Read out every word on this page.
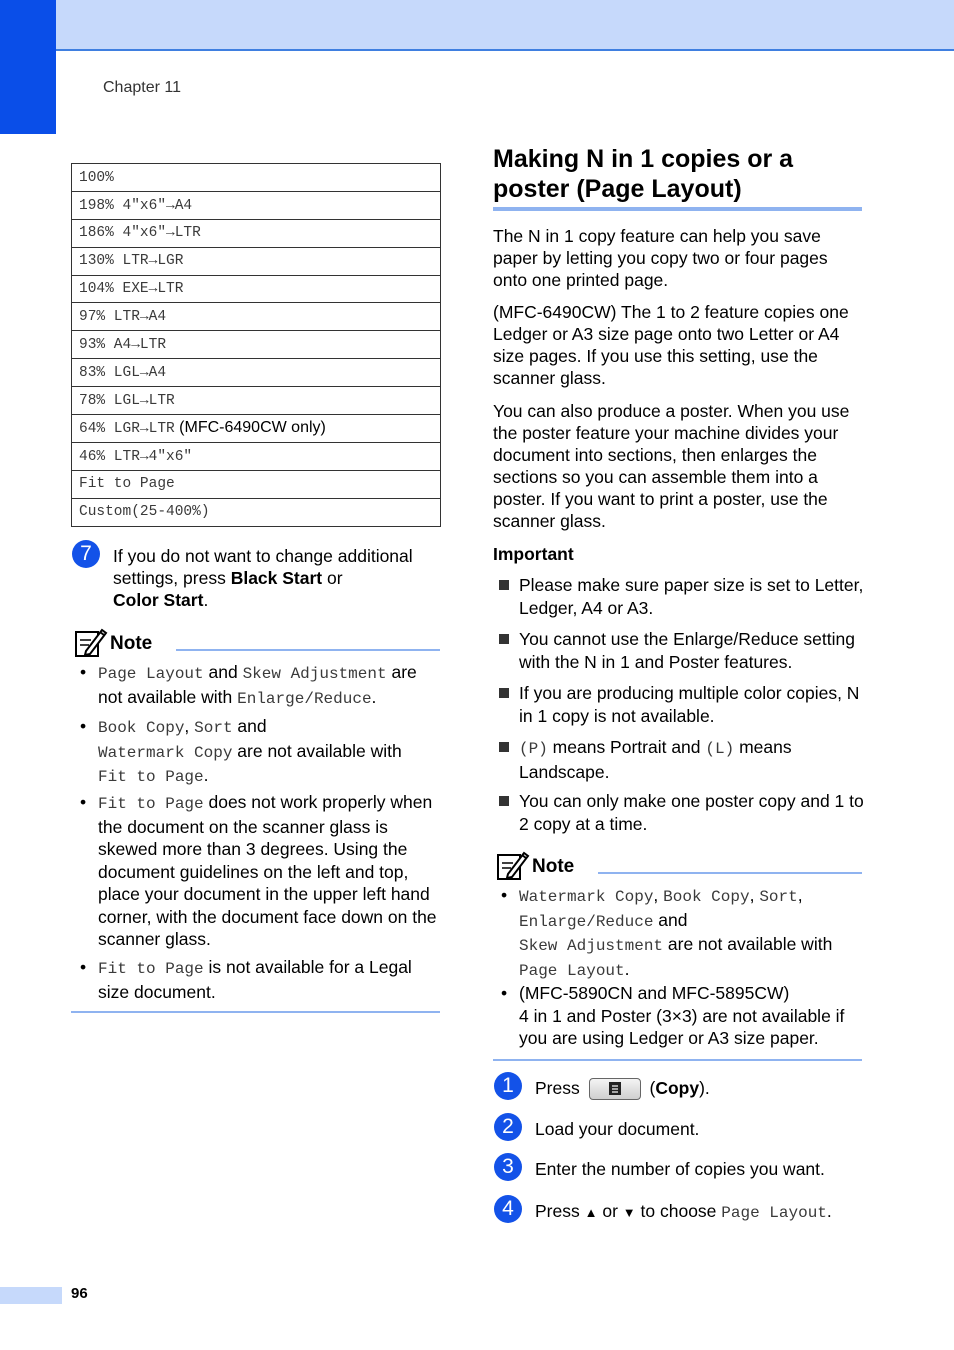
Chapter 11
100%
198% 4"x6"→A4
186% 4"x6"→LTR
130% LTR→LGR
104% EXE→LTR
97% LTR→A4
93% A4→LTR
83% LGL→A4
78% LGL→LTR
64% LGR→LTR (MFC-6490CW only)
46% LTR→4"x6"
Fit to Page
Custom(25-400%)
7	If you do not want to change additional settings, press Black Start or
Color Start.
Note
• Page Layout and Skew Adjustment are not available with Enlarge/Reduce.
• Book Copy, Sort and
Watermark Copy are not available with
Fit to Page.
• Fit to Page does not work properly when the document on the scanner glass is skewed more than 3 degrees. Using the document guidelines on the left and top, place your document in the upper left hand corner, with the document face down on the scanner glass.
• Fit to Page is not available for a Legal size document.
Making N in 1 copies or a poster (Page Layout)
The N in 1 copy feature can help you save paper by letting you copy two or four pages onto one printed page.
(MFC-6490CW) The 1 to 2 feature copies one Ledger or A3 size page onto two Letter or A4 size pages. If you use this setting, use the scanner glass.
You can also produce a poster. When you use the poster feature your machine divides your document into sections, then enlarges the sections so you can assemble them into a poster. If you want to print a poster, use the scanner glass.
Important
Please make sure paper size is set to Letter, Ledger, A4 or A3.
You cannot use the Enlarge/Reduce setting with the N in 1 and Poster features.
If you are producing multiple color copies, N in 1 copy is not available.
(P) means Portrait and (L) means Landscape.
You can only make one poster copy and 1 to 2 copy at a time.
Note
• Watermark Copy, Book Copy, Sort,
Enlarge/Reduce and
Skew Adjustment are not available with
Page Layout.
• (MFC-5890CN and MFC-5895CW)
4 in 1 and Poster (3×3) are not available if you are using Ledger or A3 size paper.
1	Press	(Copy).
2	Load your document.
3	Enter the number of copies you want.
4	Press ▲ or ▼ to choose Page Layout.
96
